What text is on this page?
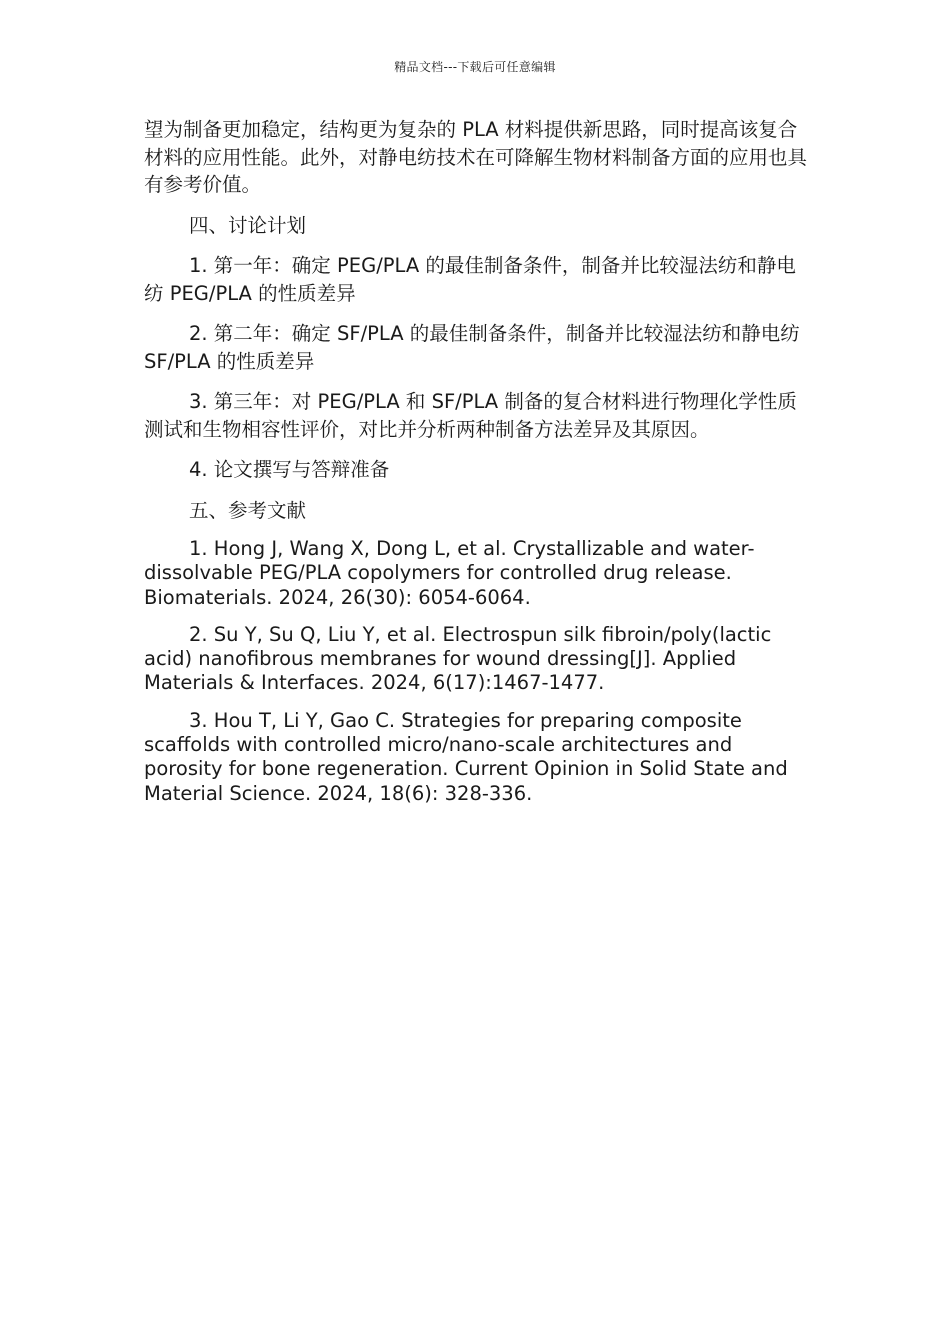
精品文档---下载后可任意编辑

望为制备更加稳定，结构更为复杂的 PLA 材料提供新思路，同时提高该复合材料的应用性能。此外，对静电纺技术在可降解生物材料制备方面的应用也具有参考价值。

四、讨论计划

1. 第一年：确定 PEG/PLA 的最佳制备条件，制备并比较湿法纺和静电纺 PEG/PLA 的性质差异

2. 第二年：确定 SF/PLA 的最佳制备条件，制备并比较湿法纺和静电纺 SF/PLA 的性质差异

3. 第三年：对 PEG/PLA 和 SF/PLA 制备的复合材料进行物理化学性质测试和生物相容性评价，对比并分析两种制备方法差异及其原因。

4. 论文撰写与答辩准备

五、参考文献

1. Hong J, Wang X, Dong L, et al. Crystallizable and water-dissolvable PEG/PLA copolymers for controlled drug release. Biomaterials. 2024, 26(30): 6054-6064.

2. Su Y, Su Q, Liu Y, et al. Electrospun silk fibroin/poly(lactic acid) nanofibrous membranes for wound dressing[J]. Applied Materials & Interfaces. 2024, 6(17):1467-1477.

3. Hou T, Li Y, Gao C. Strategies for preparing composite scaffolds with controlled micro/nano-scale architectures and porosity for bone regeneration. Current Opinion in Solid State and Material Science. 2024, 18(6): 328-336.
